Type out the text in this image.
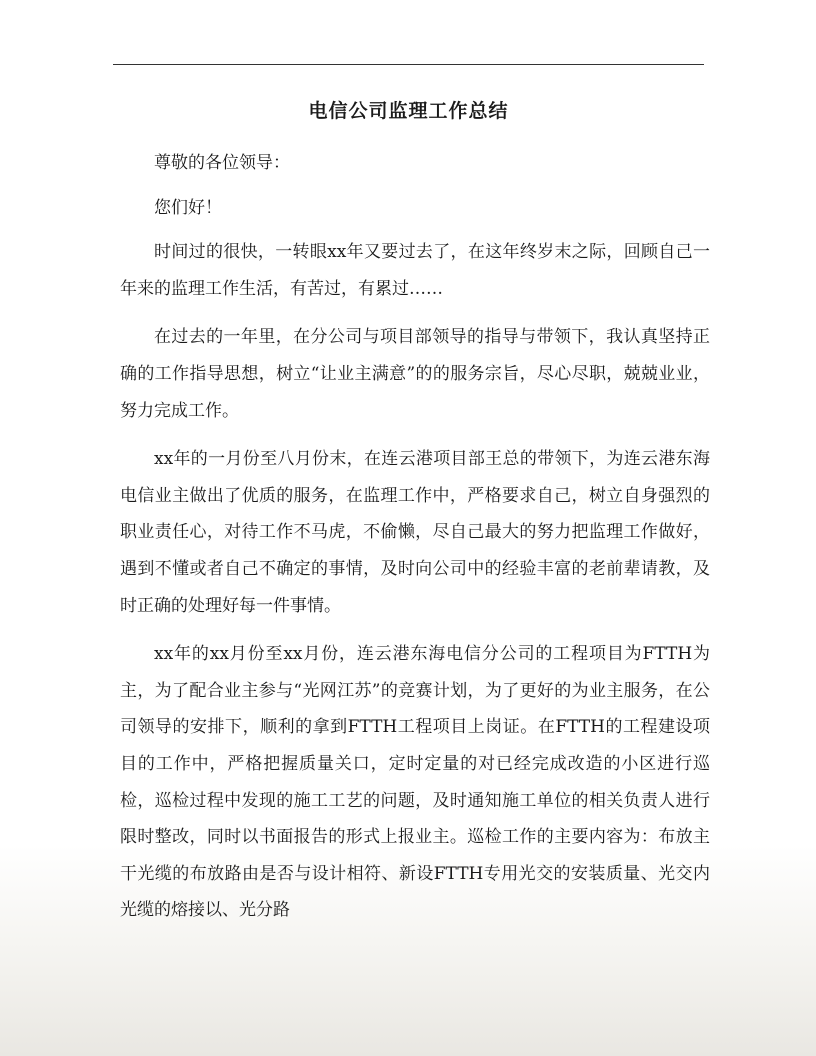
电信公司监理工作总结

尊敬的各位领导：

您们好！

时间过的很快，一转眼xx年又要过去了，在这年终岁末之际，回顾自己一年来的监理工作生活，有苦过，有累过……

在过去的一年里，在分公司与项目部领导的指导与带领下，我认真坚持正确的工作指导思想，树立“让业主满意”的的服务宗旨，尽心尽职，兢兢业业，努力完成工作。

xx年的一月份至八月份末，在连云港项目部王总的带领下，为连云港东海电信业主做出了优质的服务，在监理工作中，严格要求自己，树立自身强烈的职业责任心，对待工作不马虎，不偷懒，尽自己最大的努力把监理工作做好，遇到不懂或者自己不确定的事情，及时向公司中的经验丰富的老前辈请教，及时正确的处理好每一件事情。

xx年的xx月份至xx月份，连云港东海电信分公司的工程项目为FTTH为主，为了配合业主参与“光网江苏”的竞赛计划，为了更好的为业主服务，在公司领导的安排下，顺利的拿到FTTH工程项目上岗证。在FTTH的工程建设项目的工作中，严格把握质量关口，定时定量的对已经完成改造的小区进行巡检，巡检过程中发现的施工工艺的问题，及时通知施工单位的相关负责人进行限时整改，同时以书面报告的形式上报业主。巡检工作的主要内容为：布放主干光缆的布放路由是否与设计相符、新设FTTH专用光交的安装质量、光交内光缆的熔接以、光分路
